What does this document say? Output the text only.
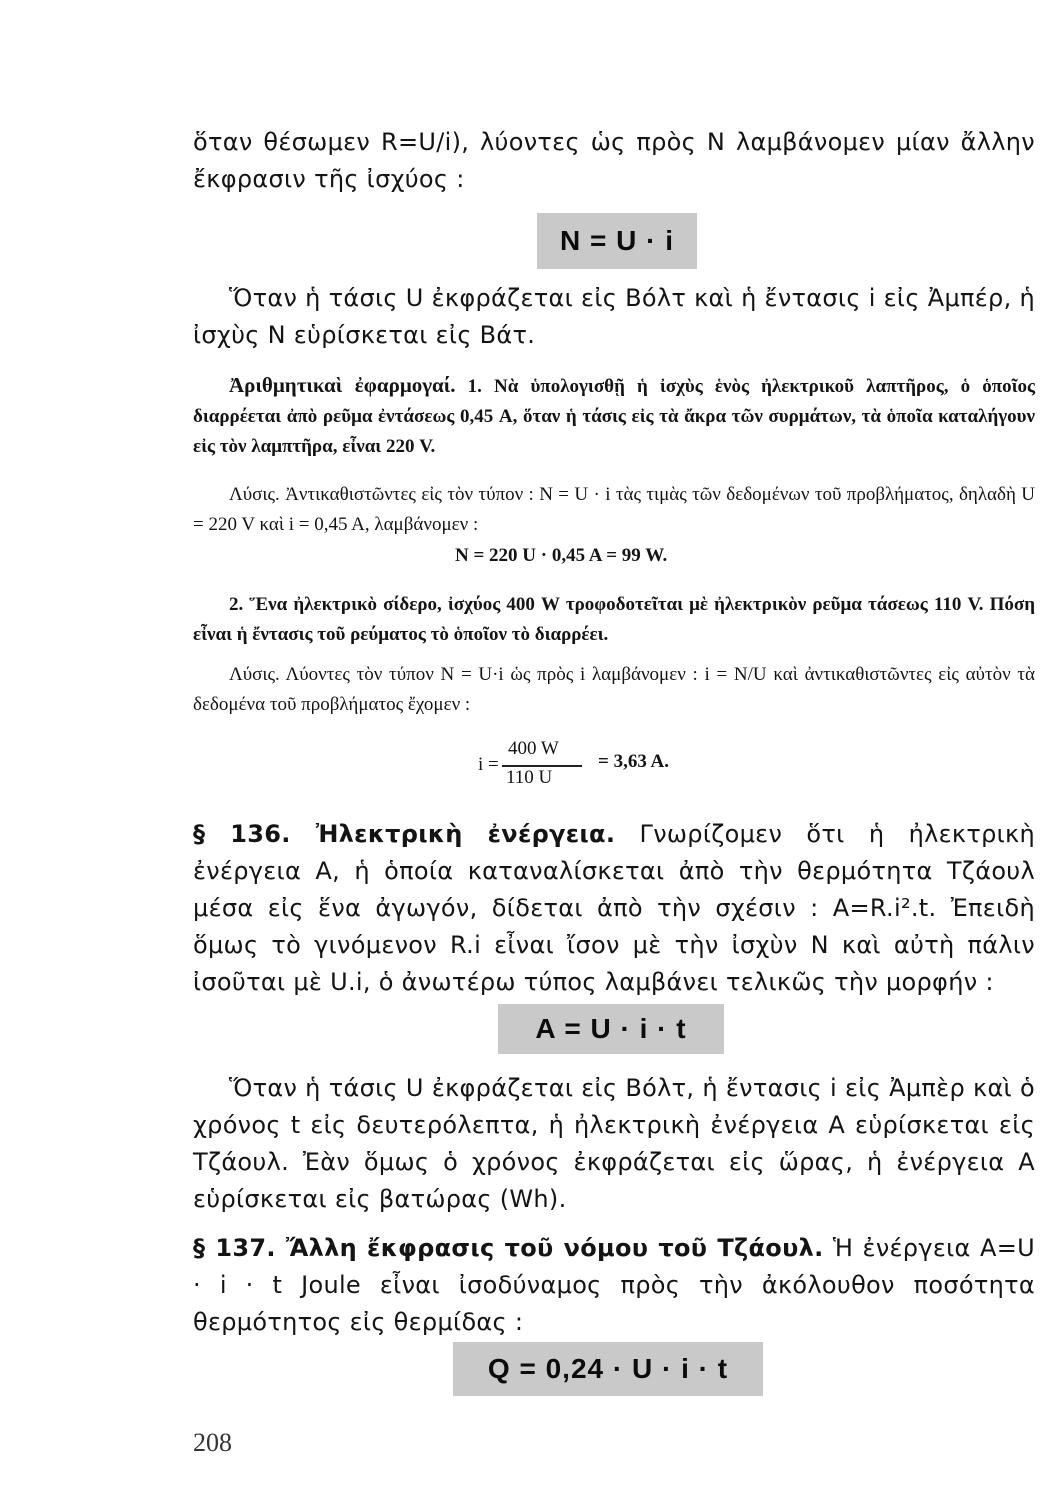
ὅταν θέσωμεν R=U/i), λύοντες ὡς πρὸς N λαμβάνομεν μίαν ἄλλην ἔκφρασιν τῆς ἰσχύος :

N = U · i

Ὅταν ἡ τάσις U ἐκφράζεται εἰς Βόλτ καὶ ἡ ἔντασις i εἰς Ἀμπέρ, ἡ ἰσχὺς N εὑρίσκεται εἰς Βάτ.

Ἀριθμητικαὶ ἐφαρμογαί. 1. Νὰ ὑπολογισθῇ ἡ ἰσχὺς ἑνὸς ἠλεκτρικοῦ λαπτῆρος, ὁ ὁποῖος διαρρέεται ἀπὸ ρεῦμα ἐντάσεως 0,45 A, ὅταν ἡ τάσις εἰς τὰ ἄκρα τῶν συρμάτων, τὰ ὁποῖα καταλήγουν εἰς τὸν λαμπτῆρα, εἶναι 220 V.

Λύσις. Ἀντικαθιστῶντες εἰς τὸν τύπον : N = U · i τὰς τιμὰς τῶν δεδομένων τοῦ προβλήματος, δηλαδὴ U = 220 V καὶ i = 0,45 A, λαμβάνομεν :

N = 220 U · 0,45 A = 99 W.

2. Ἕνα ἠλεκτρικὸ σίδερο, ἰσχύος 400 W τροφοδοτεῖται μὲ ἠλεκτρικὸν ρεῦμα τάσεως 110 V. Πόση εἶναι ἡ ἔντασις τοῦ ρεύματος τὸ ὁποῖον τὸ διαρρέει.

Λύσις. Λύοντες τὸν τύπον N = U·i ὡς πρὸς i λαμβάνομεν : i = N/U καὶ ἀντικαθιστῶντες εἰς αὐτὸν τὰ δεδομένα τοῦ προβλήματος ἔχομεν :

i =
400 W
110 U
= 3,63 A.

§ 136. Ἠλεκτρικὴ ἐνέργεια. Γνωρίζομεν ὅτι ἡ ἠλεκτρικὴ ἐνέργεια A, ἡ ὁποία καταναλίσκεται ἀπὸ τὴν θερμότητα Τζάουλ μέσα εἰς ἕνα ἀγωγόν, δίδεται ἀπὸ τὴν σχέσιν : A=R.i².t. Ἐπειδὴ ὅμως τὸ γινόμενον R.i εἶναι ἴσον μὲ τὴν ἰσχὺν N καὶ αὐτὴ πάλιν ἰσοῦται μὲ U.i, ὁ ἀνωτέρω τύπος λαμβάνει τελικῶς τὴν μορφήν :

A = U · i · t

Ὅταν ἡ τάσις U ἐκφράζεται εἰς Βόλτ, ἡ ἔντασις i εἰς Ἀμπὲρ καὶ ὁ χρόνος t εἰς δευτερόλεπτα, ἡ ἠλεκτρικὴ ἐνέργεια A εὑρίσκεται εἰς Τζάουλ. Ἐὰν ὅμως ὁ χρόνος ἐκφράζεται εἰς ὥρας, ἡ ἐνέργεια A εὑρίσκεται εἰς βατώρας (Wh).

§ 137. Ἄλλη ἔκφρασις τοῦ νόμου τοῦ Τζάουλ. Ἡ ἐνέργεια A=U · i · t Joule εἶναι ἰσοδύναμος πρὸς τὴν ἀκόλουθον ποσότητα θερμότητος εἰς θερμίδας :

Q = 0,24 · U · i · t
208
